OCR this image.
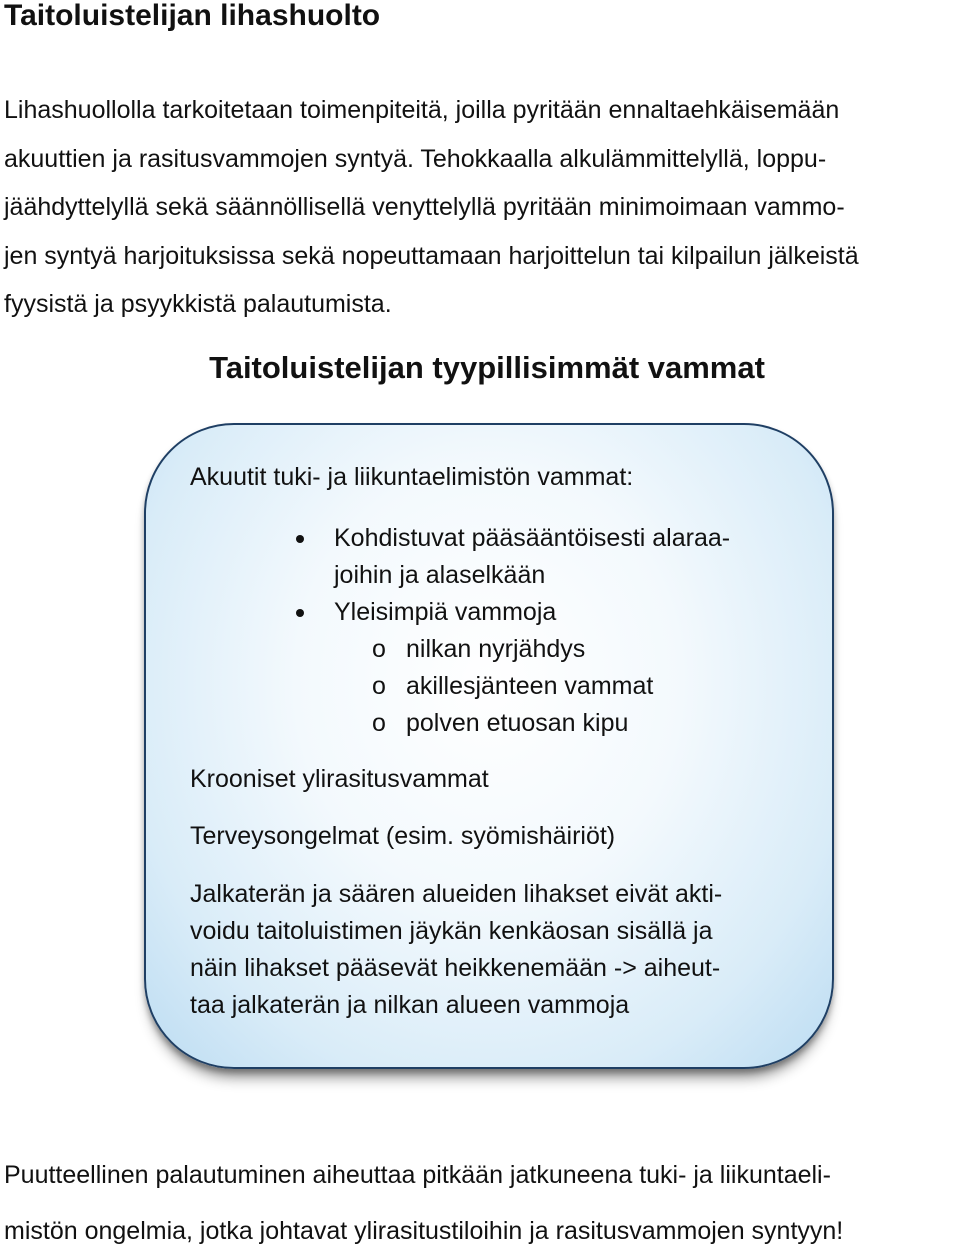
Taitoluistelijan lihashuolto
Lihashuollolla tarkoitetaan toimenpiteitä, joilla pyritään ennaltaehkäisemään
akuuttien ja rasitusvammojen syntyä. Tehokkaalla alkulämmittelyllä, loppu-
jäähdyttelyllä sekä säännöllisellä venyttelyllä pyritään minimoimaan vammo-
jen syntyä harjoituksissa sekä nopeuttamaan harjoittelun tai kilpailun jälkeistä
fyysistä ja psyykkistä palautumista.
Taitoluistelijan tyypillisimmät vammat
Akuutit tuki- ja liikuntaelimistön vammat:
Kohdistuvat pääsääntöisesti alaraa-
joihin ja alaselkään
Yleisimpiä vammoja
o nilkan nyrjähdys
o akillesjänteen vammat
o polven etuosan kipu
Krooniset ylirasitusvammat
Terveysongelmat (esim. syömishäiriöt)
Jalkaterän ja säären alueiden lihakset eivät akti-
voidu taitoluistimen jäykän kenkäosan sisällä ja
näin lihakset pääsevät heikkenemään -> aiheut-
taa jalkaterän ja nilkan alueen vammoja
Puutteellinen palautuminen aiheuttaa pitkään jatkuneena tuki- ja liikuntaeli-
mistön ongelmia, jotka johtavat ylirasitustiloihin ja rasitusvammojen syntyyn!
